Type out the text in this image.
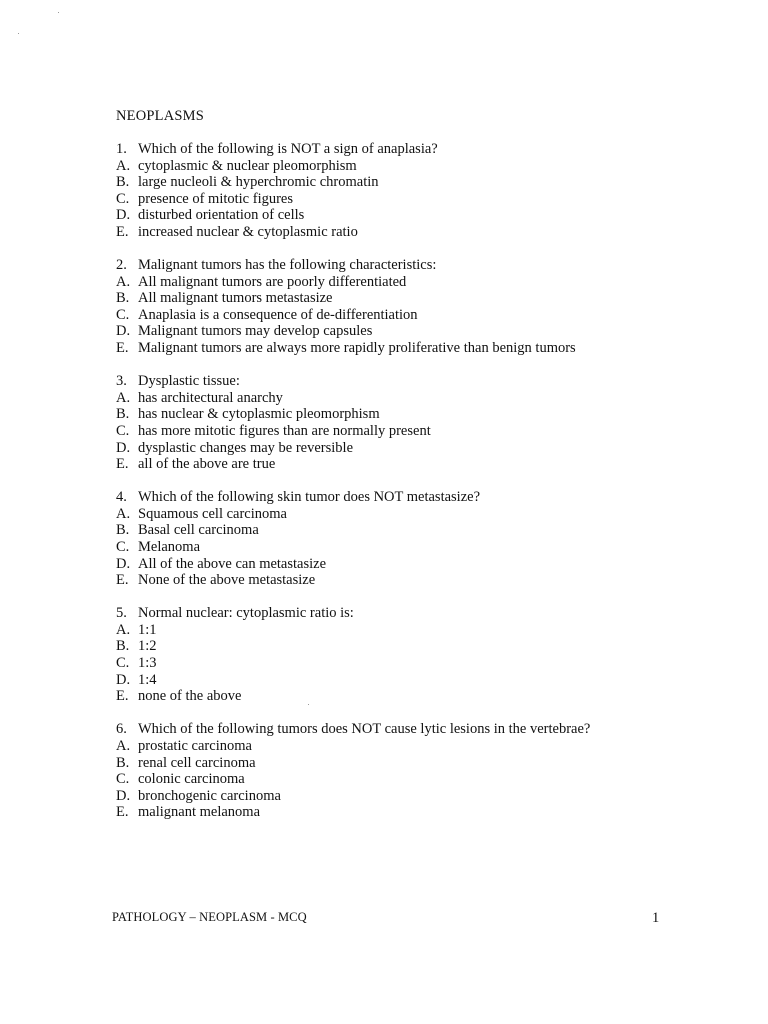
NEOPLASMS
1. Which of the following is NOT a sign of anaplasia?
A. cytoplasmic & nuclear pleomorphism
B. large nucleoli & hyperchromic chromatin
C. presence of mitotic figures
D. disturbed orientation of cells
E. increased nuclear & cytoplasmic ratio
2. Malignant tumors has the following characteristics:
A. All malignant tumors are poorly differentiated
B. All malignant tumors metastasize
C. Anaplasia is a consequence of de-differentiation
D. Malignant tumors may develop capsules
E. Malignant tumors are always more rapidly proliferative than benign tumors
3. Dysplastic tissue:
A. has architectural anarchy
B. has nuclear & cytoplasmic pleomorphism
C. has more mitotic figures than are normally present
D. dysplastic changes may be reversible
E. all of the above are true
4. Which of the following skin tumor does NOT metastasize?
A. Squamous cell carcinoma
B. Basal cell carcinoma
C. Melanoma
D. All of the above can metastasize
E. None of the above metastasize
5. Normal nuclear: cytoplasmic ratio is:
A. 1:1
B. 1:2
C. 1:3
D. 1:4
E. none of the above
6. Which of the following tumors does NOT cause lytic lesions in the vertebrae?
A. prostatic carcinoma
B. renal cell carcinoma
C. colonic carcinoma
D. bronchogenic carcinoma
E. malignant melanoma
PATHOLOGY – NEOPLASM - MCQ	1
